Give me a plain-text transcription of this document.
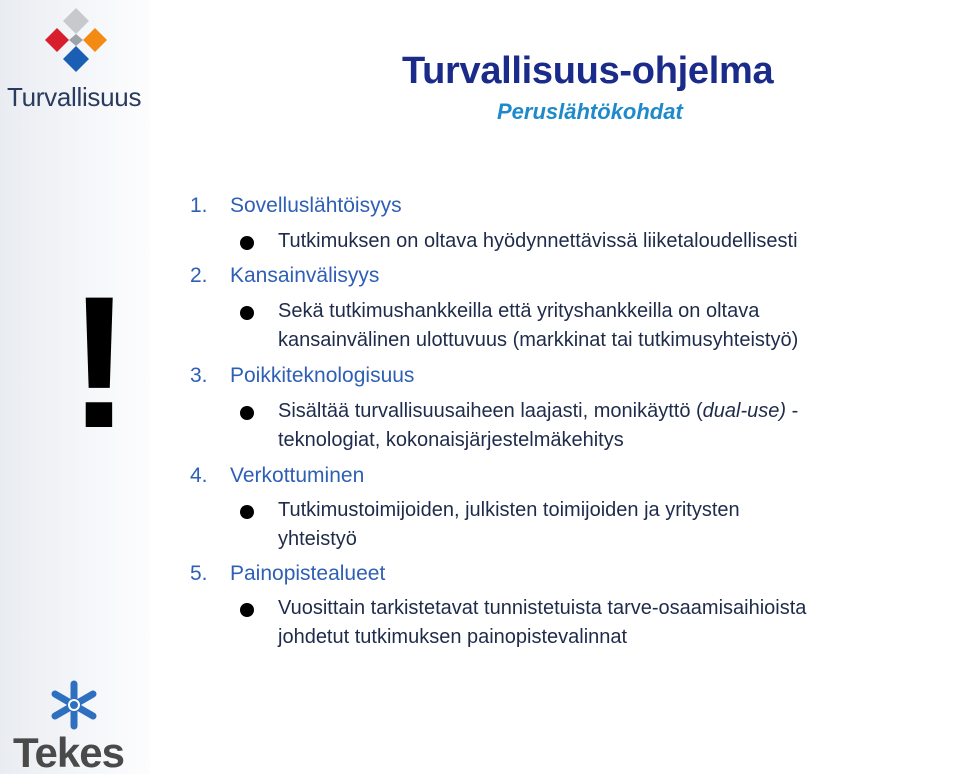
Turvallisuus
!
Tekes
Turvallisuus-ohjelma
Peruslähtökohdat
1. Sovelluslähtöisyys
Tutkimuksen on oltava hyödynnettävissä liiketaloudellisesti
2. Kansainvälisyys
Sekä tutkimushankkeilla että yrityshankkeilla on oltava
kansainvälinen ulottuvuus (markkinat tai tutkimusyhteistyö)
3. Poikkiteknologisuus
Sisältää turvallisuusaiheen laajasti, monikäyttö (dual-use) -
teknologiat, kokonaisjärjestelmäkehitys
4. Verkottuminen
Tutkimustoimijoiden, julkisten toimijoiden ja yritysten
yhteistyö
5. Painopistealueet
Vuosittain tarkistetavat tunnistetuista tarve-osaamisaihioista
johdetut tutkimuksen painopistevalinnat
